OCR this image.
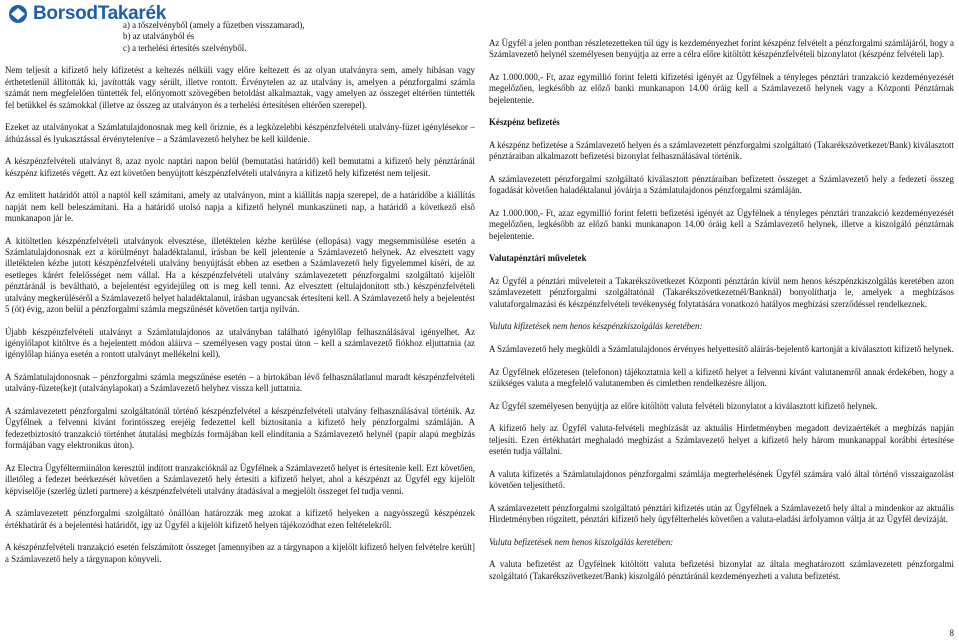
BorsodTakarék

a) a tőszelvényből (amely a füzetben visszamarad),

b) az utalványból és

c) a terhelési értesítés szelvényből.

Nem teljesít a kifizető hely kifizetést a keltezés nélküli vagy előre keltezett és az olyan utalványra sem, amely hibásan vagy érthetetlenül állították ki, javították vagy sérült, illetve rontott. Érvénytelen az az utalvány is, amelyen a pénzforgalmi számla számát nem megfelelően tüntették fel, előnyomott szövegében betoldást alkalmaztak, vagy amelyen az összeget eltérően tüntették fel betűkkel és számokkal (illetve az összeg az utalványon és a terhelési értesítésen eltérően szerepel).

Ezeket az utalványokat a Számlatulajdonosnak meg kell őriznie, és a legközelebbi készpénzfelvételi utalvány-füzet igénylésekor – áthúzással és lyukasztással érvényteleníve – a Számlavezető helyhez be kell küldenie.

A készpénzfelvételi utalványt 8, azaz nyolc naptári napon belül (bemutatási határidő) kell bemutatni a kifizető hely pénztáránál készpénz kifizetés végett. Az ezt követően benyújtott készpénzfelvételi utalványra a kifizető hely kifizetést nem teljesít.

Az említett határidőt attól a naptól kell számítani, amely az utalványon, mint a kiállítás napja szerepel, de a határidőbe a kiállítás napját nem kell beleszámítani. Ha a határidő utolsó napja a kifizető helynél munkaszüneti nap, a határidő a következő első munkanapon jár le.

A kitöltetlen készpénzfelvételi utalványok elvesztése, illetéktelen kézbe kerülése (ellopása) vagy megsemmisülése esetén a Számlatulajdonosnak ezt a körülményt haladéktalanul, írásban be kell jelentenie a Számlavezető helynek. Az elvesztett vagy illetéktelen kézbe jutott készpénzfelvételi utalvány benyújtását ebben az esetben a Számlavezető hely figyelemmel kíséri, de az esetleges kárért felelősséget nem vállal. Ha a készpénzfelvételi utalvány számlavezetett pénzforgalmi szolgáltató kijelölt pénztáránál is beváltható, a bejelentést egyidejűleg ott is meg kell tenni. Az elvesztett (eltulajdonított stb.) készpénzfelvételi utalvány megkerüléséről a Számlavezető helyet haladéktalanul, írásban ugyancsak értesíteni kell. A Számlavezető hely a bejelentést 5 (öt) évig, azon belül a pénzforgalmi számla megszűnését követően tartja nyilván.

Újabb készpénzfelvételi utalványt a Számlatulajdonos az utalványban található igénylőlap felhasználásával igényelhet. Az igénylőlapot kitöltve és a bejelentett módon aláírva – személyesen vagy postai úton – kell a számlavezető fiókhoz eljuttatnia (az igénylőlap hiánya esetén a rontott utalványt mellékelni kell).

A Számlatulajdonosnak – pénzforgalmi számla megszűnése esetén – a birtokában lévő felhasználatlanul maradt készpénzfelvételi utalvány-füzete(ke)t (utalványlapokat) a Számlavezető helyhez vissza kell juttatnia.

A számlavezetett pénzforgalmi szolgáltatónál történő készpénzfelvétel a készpénzfelvételi utalvány felhasználásával történik. Az Ügyfélnek a felvenni kívánt forintösszeg erejéig fedezettel kell biztosítania a kifizető hely pénzforgalmi számláján. A fedezetbiztosító tranzakció történhet átutalási megbízás formájában kell elindítania a Számlavezető helynél (papír alapú megbízás formájában vagy elektronikus úton).

Az Electra Ügyféltermiinálon keresztül indított tranzakcióknál az Ügyfélnek a Számlavezető helyet is értesítenie kell. Ezt követően, illetőleg a fedezet beérkezését követően a Számlavezető hely értesíti a kifizető helyet, ahol a készpénzt az Ügyfél egy kijelölt képviselője (szerlég üzleti partnere) a készpénzfelvételi utalvány átadásával a megjelölt összeget fel tudja venni.

A számlavezetett pénzforgalmi szolgáltató önállóan határozzák meg azokat a kifizető helyeken a nagyösszegű készpénzek értékhatárát és a bejelentési határidőt, így az Ügyfél a kijelölt kifizető helyen tájékozódhat ezen feltételekről.

A készpénzfelvételi tranzakció esetén felszámított összeget [amennyiben az a tárgynapon a kijelölt kifizető helyen felvételre került] a Számlavezető hely a tárgynapon könyveli.

Az Ügyfél a jelen pontban részletezetteken túl úgy is kezdeményezhet forint készpénz felvételt a pénzforgalmi számlájáról, hogy a Számlavezető helynél személyesen benyújtja az erre a célra előre kitöltött készpénzfelvételi bizonylatot (készpénz felvételi lap).

Az 1.000.000,- Ft, azaz egymillió forint feletti kifizetési igényét az Ügyfélnek a tényleges pénztári tranzakció kezdeményezését megelőzően, legkésőbb az előző banki munkanapon 14.00 óráig kell a Számlavezető helynek vagy a Központi Pénztárnak bejelentenie.

Készpénz befizetés

A készpénz befizetése a Számlavezető helyen és a számlavezetett pénzforgalmi szolgáltató (Takarékszövetkezet/Bank) kiválasztott pénztáraiban alkalmazott befizetési bizonylat felhasználásával történik.

A számlavezetett pénzforgalmi szolgáltató kiválasztott pénztáraiban befizetett összeget a Számlavezető hely a fedezeti összeg fogadását követően haladéktalanul jóváírja a Számlatulajdonos pénzforgalmi számláján.

Az 1.000.000,- Ft, azaz egymillió forint feletti befizetési igényét az Ügyfélnek a tényleges pénztári tranzakció kezdeményezését megelőzően, legkésőbb az előző banki munkanapon 14.00 óráig kell a Számlavezető helynek, illetve a kiszolgáló pénztárnak bejelentenie.

Valutapénztári műveletek

Az Ügyfél a pénztári műveleteit a Takarékszövetkezet Központi pénztárán kívül nem henos készpénzkiszolgálás keretében azon számlavezetett pénzforgalmi szolgáltatónál (Takarékszövetkezetnél/Banknál) bonyolíthatja le, amelyek a megbízásos valutaforgalmazási és készpénzfelvételi tevékenység folytatására vonatkozó hatályos megbízási szerződéssel rendelkeznek.

Valuta kifizetések nem henos készpénzkiszolgálás keretében:

A Számlavezető hely megküldi a Számlatulajdonos érvényes helyettesítő aláírás-bejelentő kartonját a kiválasztott kifizető helynek.

Az Ügyfélnek előzetesen (telefonon) tájékoztatnia kell a kifizető helyet a felvenni kívánt valutanemről annak érdekében, hogy a szükséges valuta a megfelelő valutanemben és címletben rendelkezésre álljon.

Az Ügyfél személyesen benyújtja az előre kitöltött valuta felvételi bizonylatot a kiválasztott kifizető helynek.

A kifizető hely az Ügyfél valuta-felvételi megbízását az aktuális Hirdetményben megadott devizaértékét a megbízás napján teljesíti. Ezen értékhatárt meghaladó megbízást a Számlavezető helyet a kifizető hely három munkanappal korábbi értesítése esetén tudja vállalni.

A valuta kifizetés a Számlatulajdonos pénzforgalmi számlája megterhelésének Ügyfél számára való által történő visszaigazolást követően teljesíthető.

A számlavezetett pénzforgalmi szolgáltató pénztári kifizetés után az Ügyfélnek a Számlavezető hely által a mindenkor az aktuális Hirdetményben rögzített, pénztári kifizető hely ügyfélterhelés követően a valuta-eladási árfolyamon váltja át az Ügyfél devizáját.

Valuta befizetések nem henos kiszolgálás keretében:

A valuta befizetést az Ügyfélnek kitöltött valuta befizetési bizonylat az általa meghatározott számlavezetett pénzforgalmi szolgáltató (Takarékszövetkezet/Bank) kiszolgáló pénztáránál kezdeményezheti a valuta befizetést.

8
